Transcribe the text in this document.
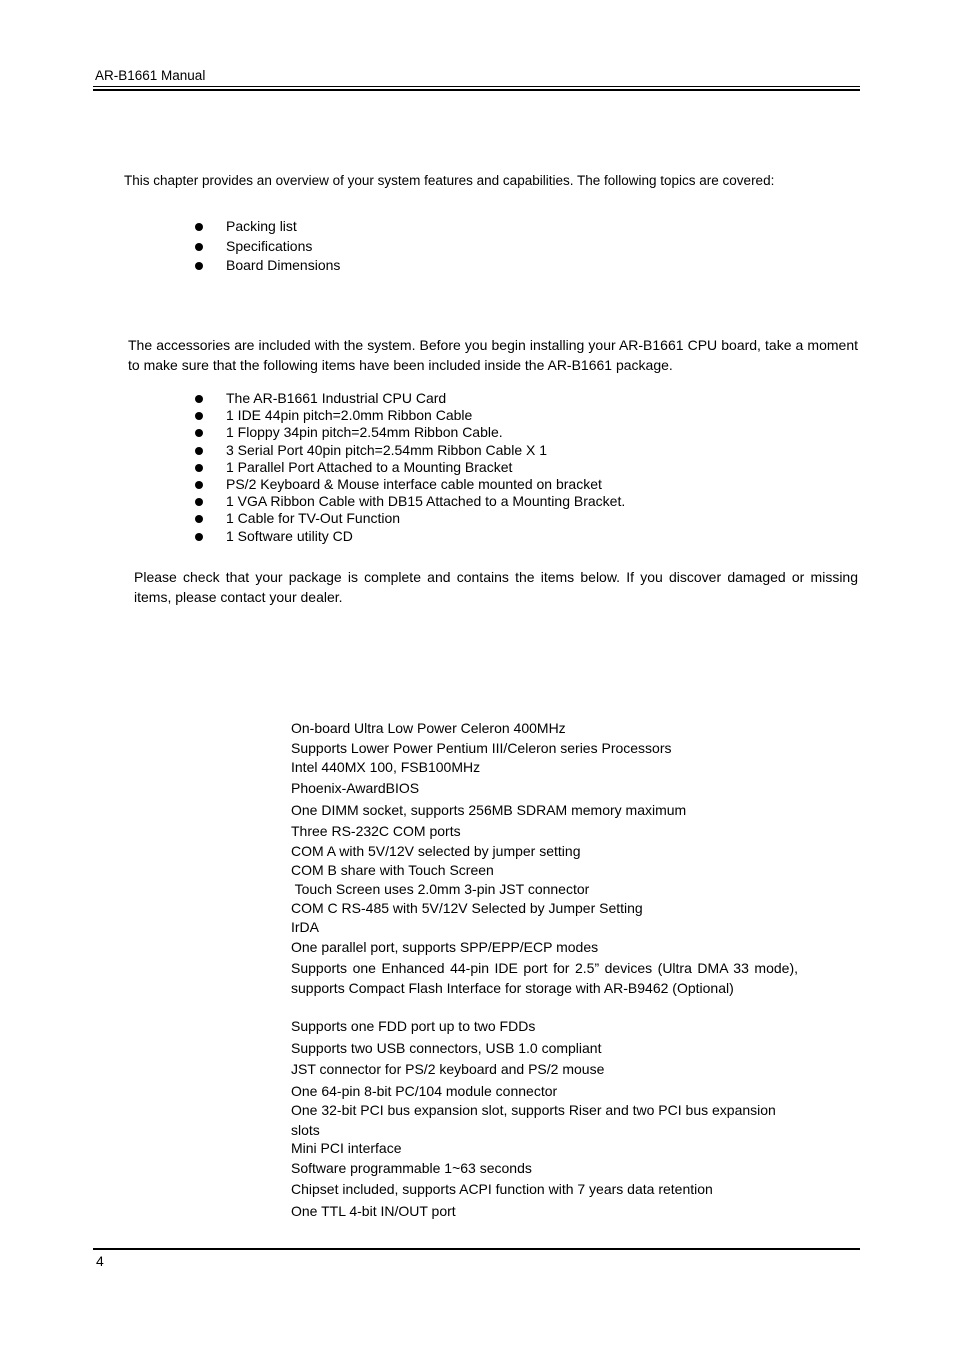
AR-B1661 Manual
This chapter provides an overview of your system features and capabilities. The following topics are covered:
Packing list
Specifications
Board Dimensions
The accessories are included with the system. Before you begin installing your AR-B1661 CPU board, take a moment to make sure that the following items have been included inside the AR-B1661 package.
The AR-B1661 Industrial CPU Card
1 IDE 44pin pitch=2.0mm Ribbon Cable
1 Floppy 34pin pitch=2.54mm Ribbon Cable.
3 Serial Port 40pin pitch=2.54mm Ribbon Cable X 1
1 Parallel Port Attached to a Mounting Bracket
PS/2 Keyboard & Mouse interface cable mounted on bracket
1 VGA Ribbon Cable with DB15 Attached to a Mounting Bracket.
1 Cable for TV-Out Function
1 Software utility CD
Please check that your package is complete and contains the items below. If you discover damaged or missing items, please contact your dealer.
On-board Ultra Low Power Celeron 400MHz
Supports Lower Power Pentium III/Celeron series Processors
Intel 440MX 100, FSB100MHz
Phoenix-AwardBIOS
One DIMM socket, supports 256MB SDRAM memory maximum
Three RS-232C COM ports
COM A with 5V/12V selected by jumper setting
COM B share with Touch Screen
Touch Screen uses 2.0mm 3-pin JST connector
COM C RS-485 with 5V/12V Selected by Jumper Setting
IrDA
One parallel port, supports SPP/EPP/ECP modes
Supports one Enhanced 44-pin IDE port for 2.5” devices (Ultra DMA 33 mode), supports Compact Flash Interface for storage with AR-B9462 (Optional)
Supports one FDD port up to two FDDs
Supports two USB connectors, USB 1.0 compliant
JST connector for PS/2 keyboard and PS/2 mouse
One 64-pin 8-bit PC/104 module connector
One 32-bit PCI bus expansion slot, supports Riser and two PCI bus expansion slots
Mini PCI interface
Software programmable 1~63 seconds
Chipset included, supports ACPI function with 7 years data retention
One TTL 4-bit IN/OUT port
4
